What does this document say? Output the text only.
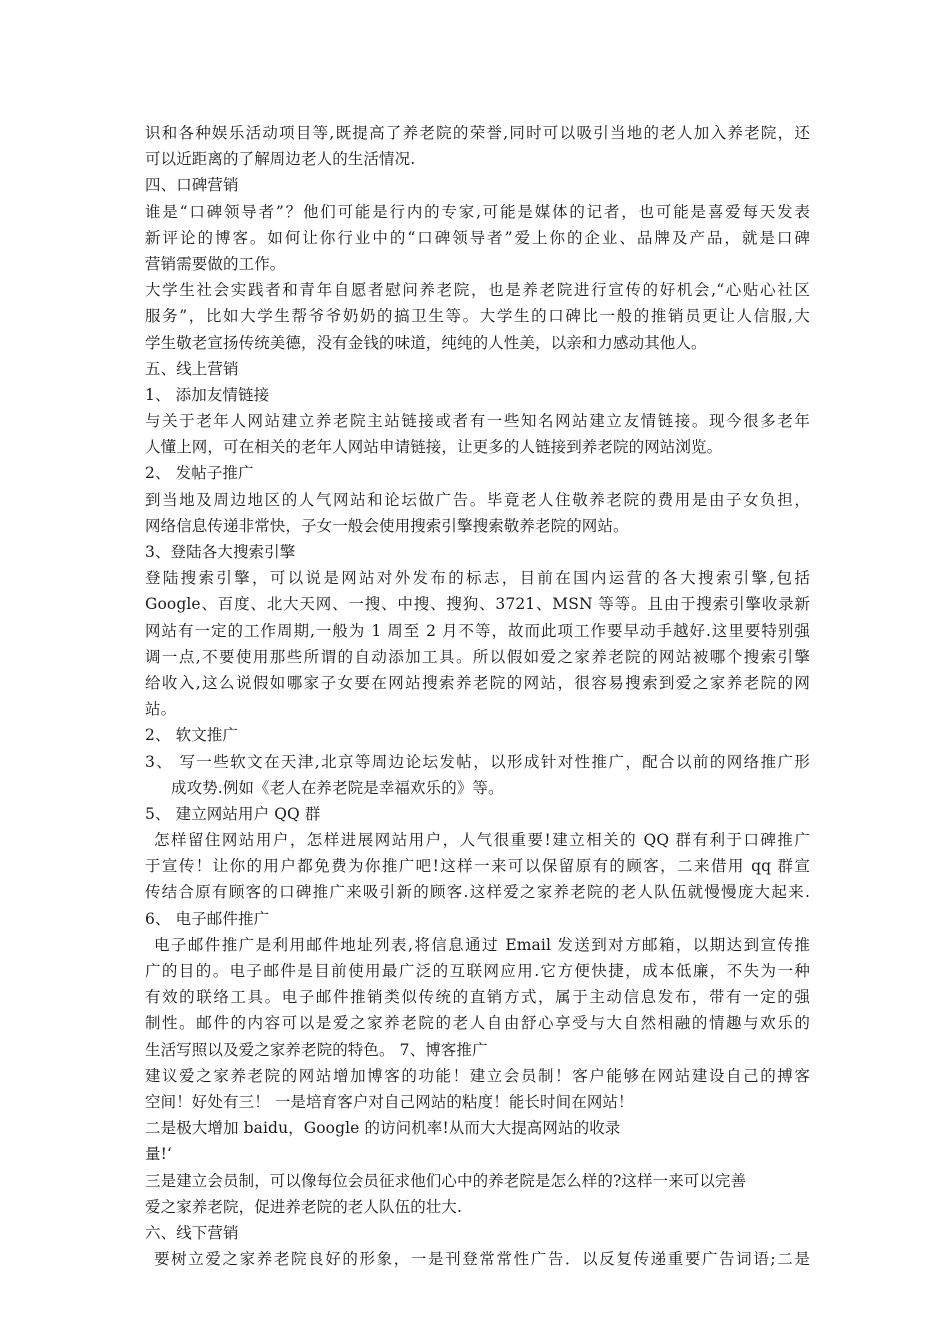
识和各种娱乐活动项目等,既提高了养老院的荣誉,同时可以吸引当地的老人加入养老院，还
可以近距离的了解周边老人的生活情况.
四、口碑营销
谁是“口碑领导者”？他们可能是行内的专家,可能是媒体的记者，也可能是喜爱每天发表
新评论的博客。如何让你行业中的“口碑领导者”爱上你的企业、品牌及产品，就是口碑
营销需要做的工作。
大学生社会实践者和青年自愿者慰问养老院，也是养老院进行宣传的好机会,“心贴心社区
服务”，比如大学生帮爷爷奶奶的搞卫生等。大学生的口碑比一般的推销员更让人信服,大
学生敬老宣扬传统美德，没有金钱的味道，纯纯的人性美，以亲和力感动其他人。
五、线上营销
1、 添加友情链接
与关于老年人网站建立养老院主站链接或者有一些知名网站建立友情链接。现今很多老年
人懂上网，可在相关的老年人网站申请链接，让更多的人链接到养老院的网站浏览。
2、 发帖子推广
到当地及周边地区的人气网站和论坛做广告。毕竟老人住敬养老院的费用是由子女负担，
网络信息传递非常快，子女一般会使用搜索引擎搜索敬养老院的网站。
3、登陆各大搜索引擎
登陆搜索引擎，可以说是网站对外发布的标志，目前在国内运营的各大搜索引擎,包括
Google、百度、北大天网、一搜、中搜、搜狗、3721、MSN 等等。且由于搜索引擎收录新
网站有一定的工作周期,一般为 1 周至 2 月不等，故而此项工作要早动手越好.这里要特别强
调一点,不要使用那些所谓的自动添加工具。所以假如爱之家养老院的网站被哪个搜索引擎
给收入,这么说假如哪家子女要在网站搜索养老院的网站，很容易搜索到爱之家养老院的网
站。
2、 软文推广
3、 写一些软文在天津,北京等周边论坛发帖，以形成针对性推广，配合以前的网络推广形
成攻势.例如《老人在养老院是幸福欢乐的》等。
5、 建立网站用户 QQ 群
怎样留住网站用户，怎样进展网站用户，人气很重要!建立相关的 QQ 群有利于口碑推广
于宣传！让你的用户都免费为你推广吧!这样一来可以保留原有的顾客，二来借用 qq 群宣
传结合原有顾客的口碑推广来吸引新的顾客.这样爱之家养老院的老人队伍就慢慢庞大起来.
6、 电子邮件推广
电子邮件推广是利用邮件地址列表,将信息通过 Email 发送到对方邮箱，以期达到宣传推
广的目的。电子邮件是目前使用最广泛的互联网应用.它方便快捷，成本低廉，不失为一种
有效的联络工具。电子邮件推销类似传统的直销方式，属于主动信息发布，带有一定的强
制性。邮件的内容可以是爱之家养老院的老人自由舒心享受与大自然相融的情趣与欢乐的
生活写照以及爱之家养老院的特色。 7、博客推广
建议爱之家养老院的网站增加博客的功能！建立会员制！客户能够在网站建设自己的搏客
空间！好处有三！ 一是培育客户对自己网站的粘度！能长时间在网站！
二是极大增加 baidu，Google 的访问机率!从而大大提高网站的收录
量!‘
三是建立会员制，可以像每位会员征求他们心中的养老院是怎么样的?这样一来可以完善
爱之家养老院，促进养老院的老人队伍的壮大.
六、线下营销
要树立爱之家养老院良好的形象，一是刊登常常性广告．以反复传递重要广告词语;二是
